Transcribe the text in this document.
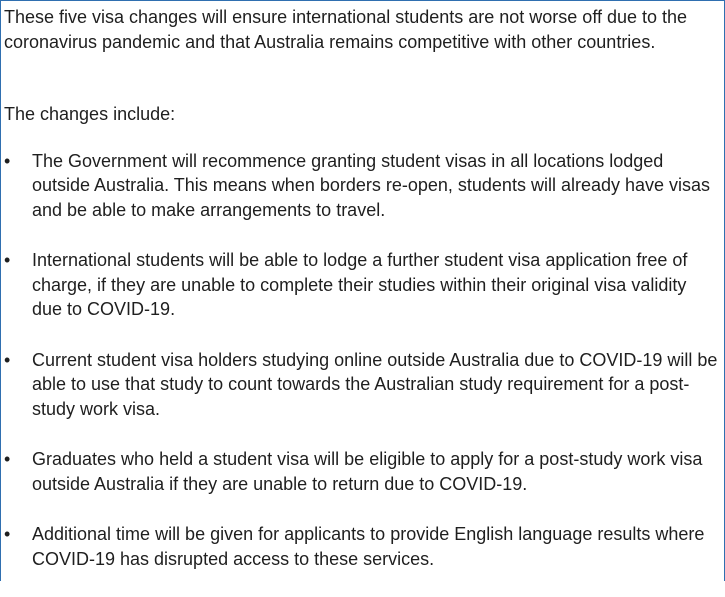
These five visa changes will ensure international students are not worse off due to the coronavirus pandemic and that Australia remains competitive with other countries.

The changes include:

•	The Government will recommence granting student visas in all locations lodged outside Australia. This means when borders re-open, students will already have visas and be able to make arrangements to travel.
•	International students will be able to lodge a further student visa application free of charge, if they are unable to complete their studies within their original visa validity due to COVID-19.
•	Current student visa holders studying online outside Australia due to COVID-19 will be able to use that study to count towards the Australian study requirement for a post-study work visa.
•	Graduates who held a student visa will be eligible to apply for a post-study work visa outside Australia if they are unable to return due to COVID-19.
•	Additional time will be given for applicants to provide English language results where COVID-19 has disrupted access to these services.
